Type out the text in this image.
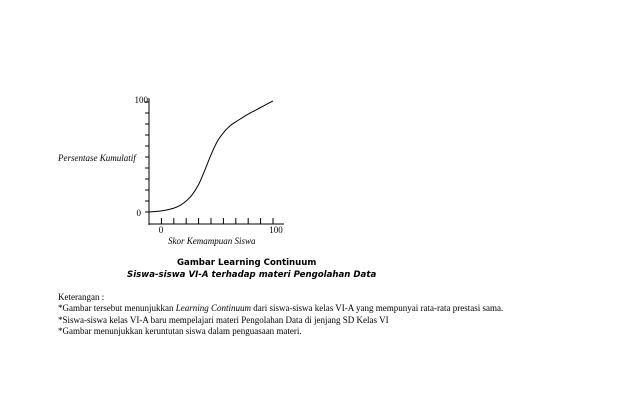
100
0
0	100
Persentase Kumulatif
Skor Kemampuan Siswa
Gambar Learning Continuum
Siswa-siswa VI-A terhadap materi Pengolahan Data
Keterangan :
*Gambar tersebut menunjukkan Learning Continuum dari siswa-siswa kelas VI-A yang mempunyai rata-rata prestasi sama.
*Siswa-siswa kelas VI-A baru mempelajari materi Pengolahan Data di jenjang SD Kelas VI
*Gambar menunjukkan keruntutan siswa dalam penguasaan materi.
